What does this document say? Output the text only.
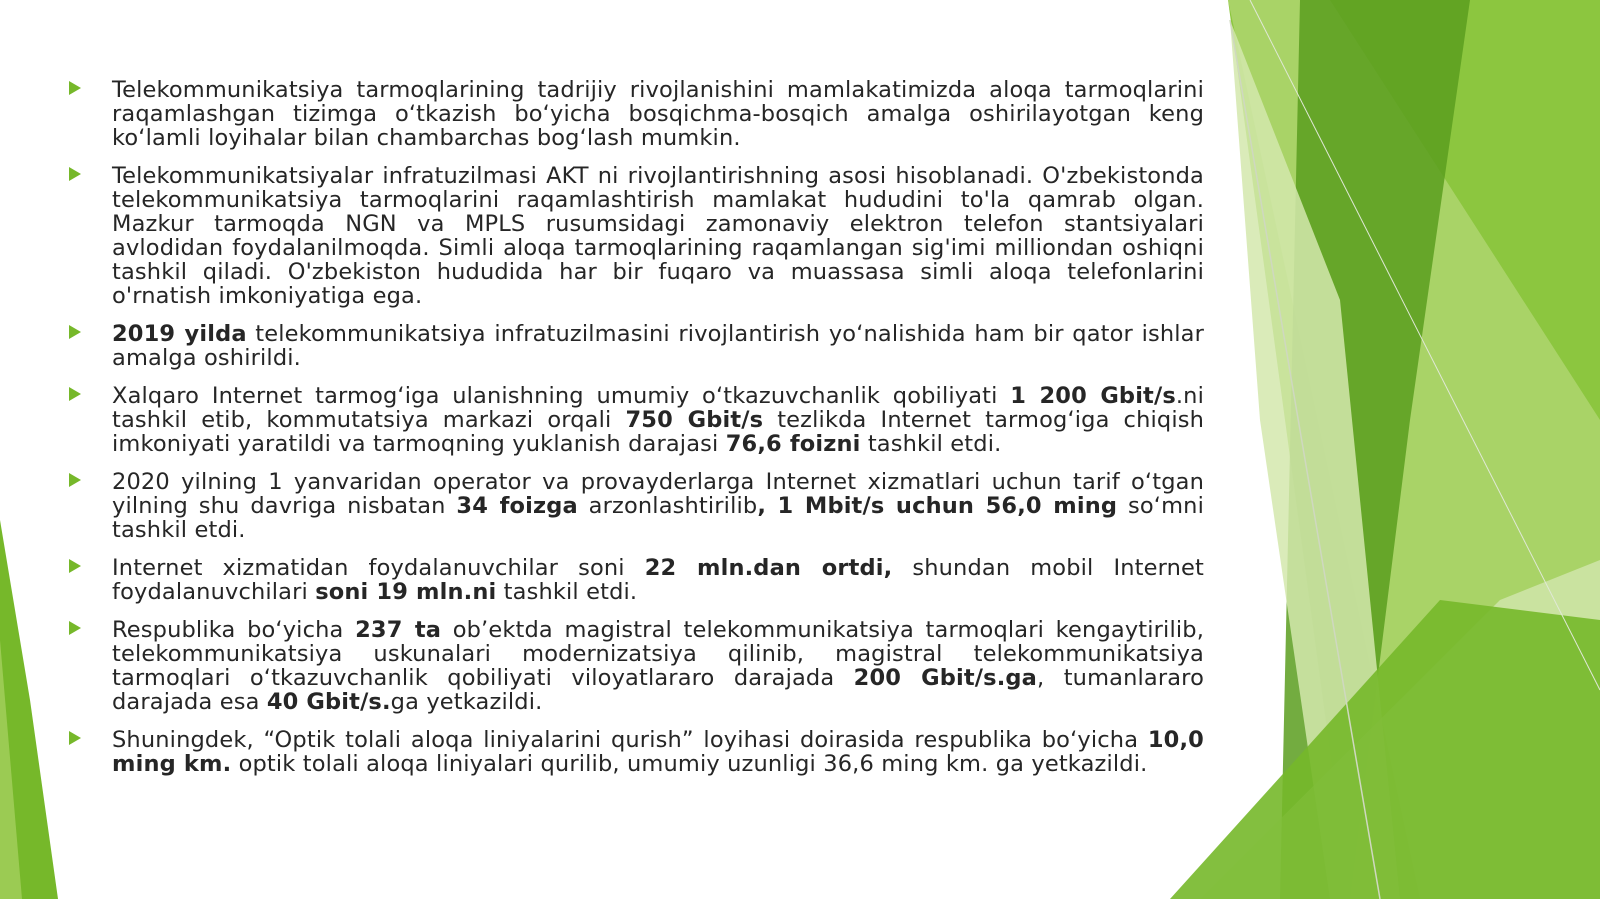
Telekommunikatsiya tarmoqlarining tadrijiy rivojlanishini mamlakatimizda aloqa tarmoqlarini raqamlashgan tizimga o‘tkazish bo‘yicha bosqichma-bosqich amalga oshirilayotgan keng ko‘lamli loyihalar bilan chambarchas bog‘lash mumkin.
Telekommunikatsiyalar infratuzilmasi AKT ni rivojlantirishning asosi hisoblanadi. O'zbekistonda telekommunikatsiya tarmoqlarini raqamlashtirish mamlakat hududini to'la qamrab olgan. Mazkur tarmoqda NGN va MPLS rusumsidagi zamonaviy elektron telefon stantsiyalari avlodidan foydalanilmoqda. Simli aloqa tarmoqlarining raqamlangan sig'imi milliondan oshiqni tashkil qiladi. O'zbekiston hududida har bir fuqaro va muassasa simli aloqa telefonlarini o'rnatish imkoniyatiga ega.
2019 yilda telekommunikatsiya infratuzilmasini rivojlantirish yo‘nalishida ham bir qator ishlar amalga oshirildi.
Xalqaro Internet tarmog‘iga ulanishning umumiy o‘tkazuvchanlik qobiliyati 1 200 Gbit/s.ni tashkil etib, kommutatsiya markazi orqali 750 Gbit/s tezlikda Internet tarmog‘iga chiqish imkoniyati yaratildi va tarmoqning yuklanish darajasi 76,6 foizni tashkil etdi.
2020 yilning 1 yanvaridan operator va provayderlarga Internet xizmatlari uchun tarif o‘tgan yilning shu davriga nisbatan 34 foizga arzonlashtirilib, 1 Mbit/s uchun 56,0 ming so‘mni tashkil etdi.
Internet xizmatidan foydalanuvchilar soni 22 mln.dan ortdi, shundan mobil Internet foydalanuvchilari soni 19 mln.ni tashkil etdi.
Respublika bo‘yicha 237 ta ob’ektda magistral telekommunikatsiya tarmoqlari kengaytirilib, telekommunikatsiya uskunalari modernizatsiya qilinib, magistral telekommunikatsiya tarmoqlari o‘tkazuvchanlik qobiliyati viloyatlararo darajada 200 Gbit/s.ga, tumanlararo darajada esa 40 Gbit/s.ga yetkazildi.
Shuningdek, “Optik tolali aloqa liniyalarini qurish” loyihasi doirasida respublika bo‘yicha 10,0 ming km. optik tolali aloqa liniyalari qurilib, umumiy uzunligi 36,6 ming km. ga yetkazildi.
